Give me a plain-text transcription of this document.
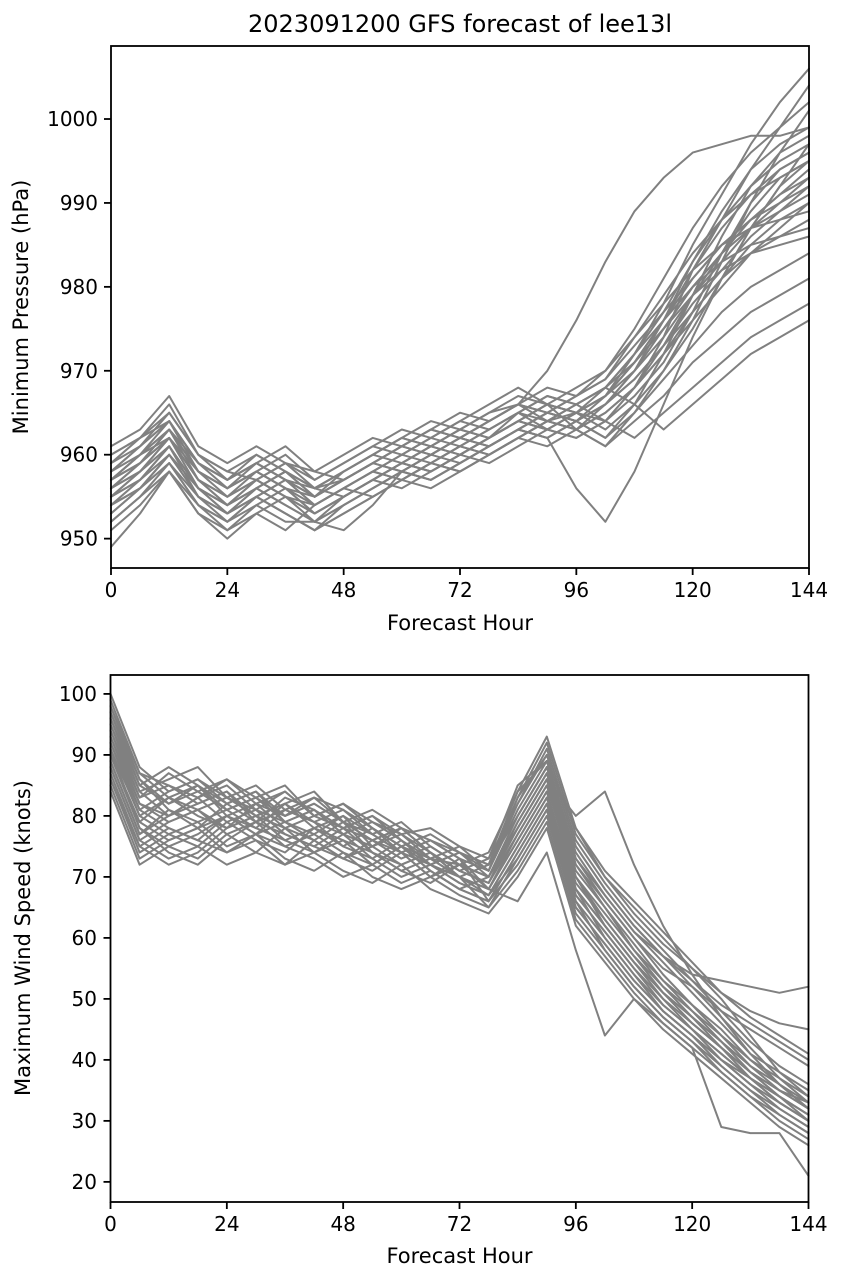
2023091200 GFS forecast of lee13l
0	24	48	72	96	120	144
950
960
970
980
990
1000
Forecast Hour
Minimum Pressure (hPa)
0	24	48	72	96	120	144
20
30
40
50
60
70
80
90
100
Forecast Hour
Maximum Wind Speed (knots)
